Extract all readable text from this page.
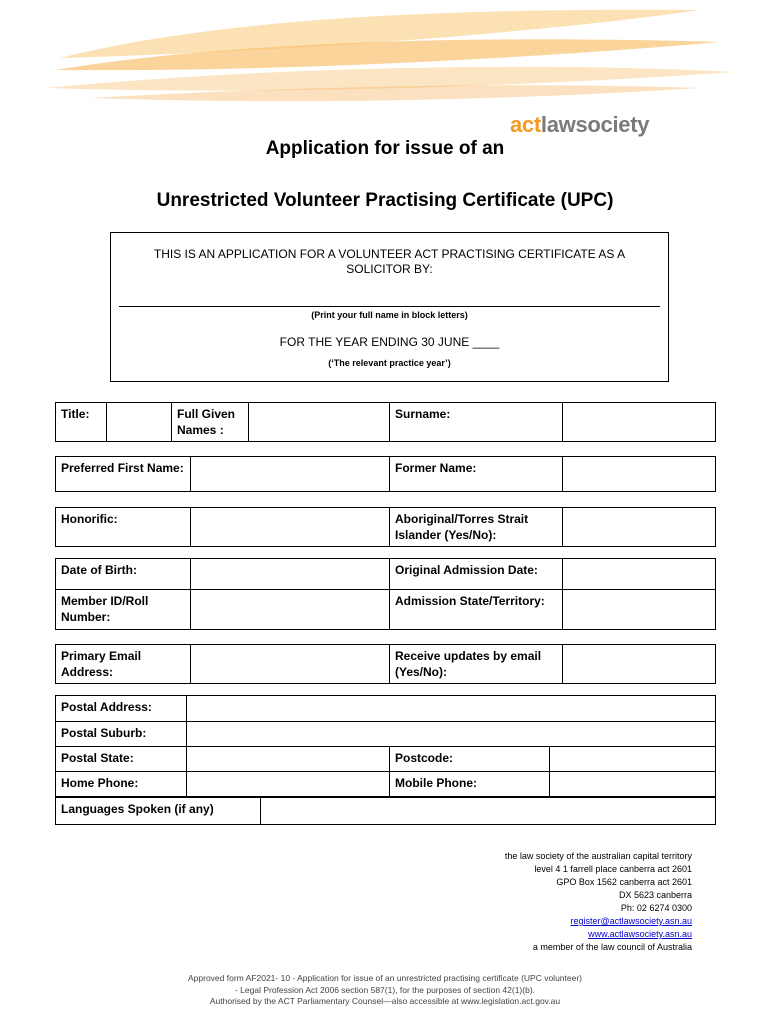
actlawsociety
Application for issue of an
Unrestricted Volunteer Practising Certificate (UPC)
THIS IS AN APPLICATION FOR A VOLUNTEER ACT PRACTISING CERTIFICATE AS A SOLICITOR BY:
(Print your full name in block letters)
FOR THE YEAR ENDING 30 JUNE ____
(‘The relevant practice year’)
Title:		Full Given Names :		Surname:	
Preferred First Name:		Former Name:	
Honorific:		Aboriginal/Torres Strait Islander (Yes/No):	
Date of Birth:		Original Admission Date:	
Member ID/Roll Number:		Admission State/Territory:	
Primary Email Address:		Receive updates by email (Yes/No):	
Postal Address:			
Postal Suburb:			
Postal State:		Postcode:	
Home Phone:		Mobile Phone:	
Languages Spoken (if any)	
the law society of the australian capital territory
level 4 1 farrell place canberra act 2601
GPO Box 1562 canberra act 2601
DX 5623 canberra
Ph: 02 6274 0300
register@actlawsociety.asn.au
www.actlawsociety.asn.au
a member of the law council of Australia
Approved form AF2021- 10 - Application for issue of an unrestricted practising certificate (UPC volunteer)
- Legal Profession Act 2006 section 587(1), for the purposes of section 42(1)(b).
Authorised by the ACT Parliamentary Counsel—also accessible at www.legislation.act.gov.au
